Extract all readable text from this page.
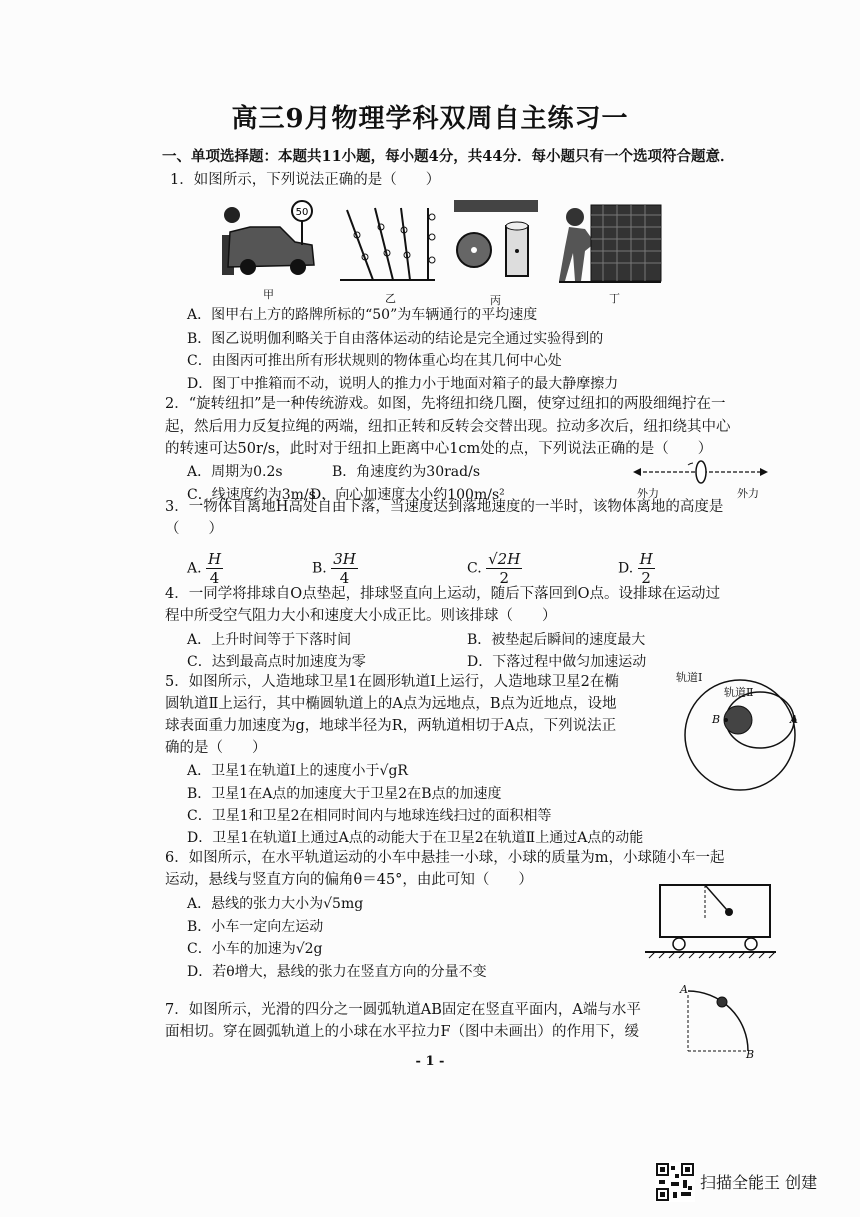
高三9月物理学科双周自主练习一
一、单项选择题：本题共11小题，每小题4分，共44分．每小题只有一个选项符合题意．
1．如图所示，下列说法正确的是（　　）
50
甲	乙	丙	丁
A．图甲右上方的路牌所标的“50”为车辆通行的平均速度
B．图乙说明伽利略关于自由落体运动的结论是完全通过实验得到的
C．由图丙可推出所有形状规则的物体重心均在其几何中心处
D．图丁中推箱而不动，说明人的推力小于地面对箱子的最大静摩擦力
2．“旋转纽扣”是一种传统游戏。如图，先将纽扣绕几圈，使穿过纽扣的两股细绳拧在一
起，然后用力反复拉绳的两端，纽扣正转和反转会交替出现。拉动多次后，纽扣绕其中心
的转速可达50r/s，此时对于纽扣上距离中心1cm处的点，下列说法正确的是（　　）
A．周期为0.2s	B．角速度约为30rad/s
C．线速度约为3m/s
D．向心加速度大小约100m/s²	外力	外力
3．一物体自离地H高处自由下落，当速度达到落地速度的一半时，该物体离地的高度是
（　　）
A. $\frac{H}{4}$	B. $\frac{3H}{4}$	C. $\frac{√2H}{2}$	D. $\frac{H}{2}$
4．一同学将排球自O点垫起，排球竖直向上运动，随后下落回到O点。设排球在运动过
程中所受空气阻力大小和速度大小成正比。则该排球（　　）
A．上升时间等于下落时间	B．被垫起后瞬间的速度最大
C．达到最高点时加速度为零	D．下落过程中做匀加速运动
5．如图所示，人造地球卫星1在圆形轨道Ⅰ上运行，人造地球卫星2在椭
圆轨道Ⅱ上运行，其中椭圆轨道上的A点为远地点，B点为近地点，设地
球表面重力加速度为g，地球半径为R，两轨道相切于A点，下列说法正
确的是（　　）
A．卫星1在轨道Ⅰ上的速度小于√gR
B．卫星1在A点的加速度大于卫星2在B点的加速度
C．卫星1和卫星2在相同时间内与地球连线扫过的面积相等
D．卫星1在轨道Ⅰ上通过A点的动能大于在卫星2在轨道Ⅱ上通过A点的动能
轨道Ⅰ
轨道Ⅱ
B	A
6．如图所示，在水平轨道运动的小车中悬挂一小球，小球的质量为m，小球随小车一起
运动，悬线与竖直方向的偏角θ＝45°，由此可知（　　）
A．悬线的张力大小为√5mg
B．小车一定向左运动
C．小车的加速为√2g
D．若θ增大，悬线的张力在竖直方向的分量不变
7．如图所示，光滑的四分之一圆弧轨道AB固定在竖直平面内，A端与水平
面相切。穿在圆弧轨道上的小球在水平拉力F（图中未画出）的作用下，缓
A
B
- 1 -
扫描全能王 创建
